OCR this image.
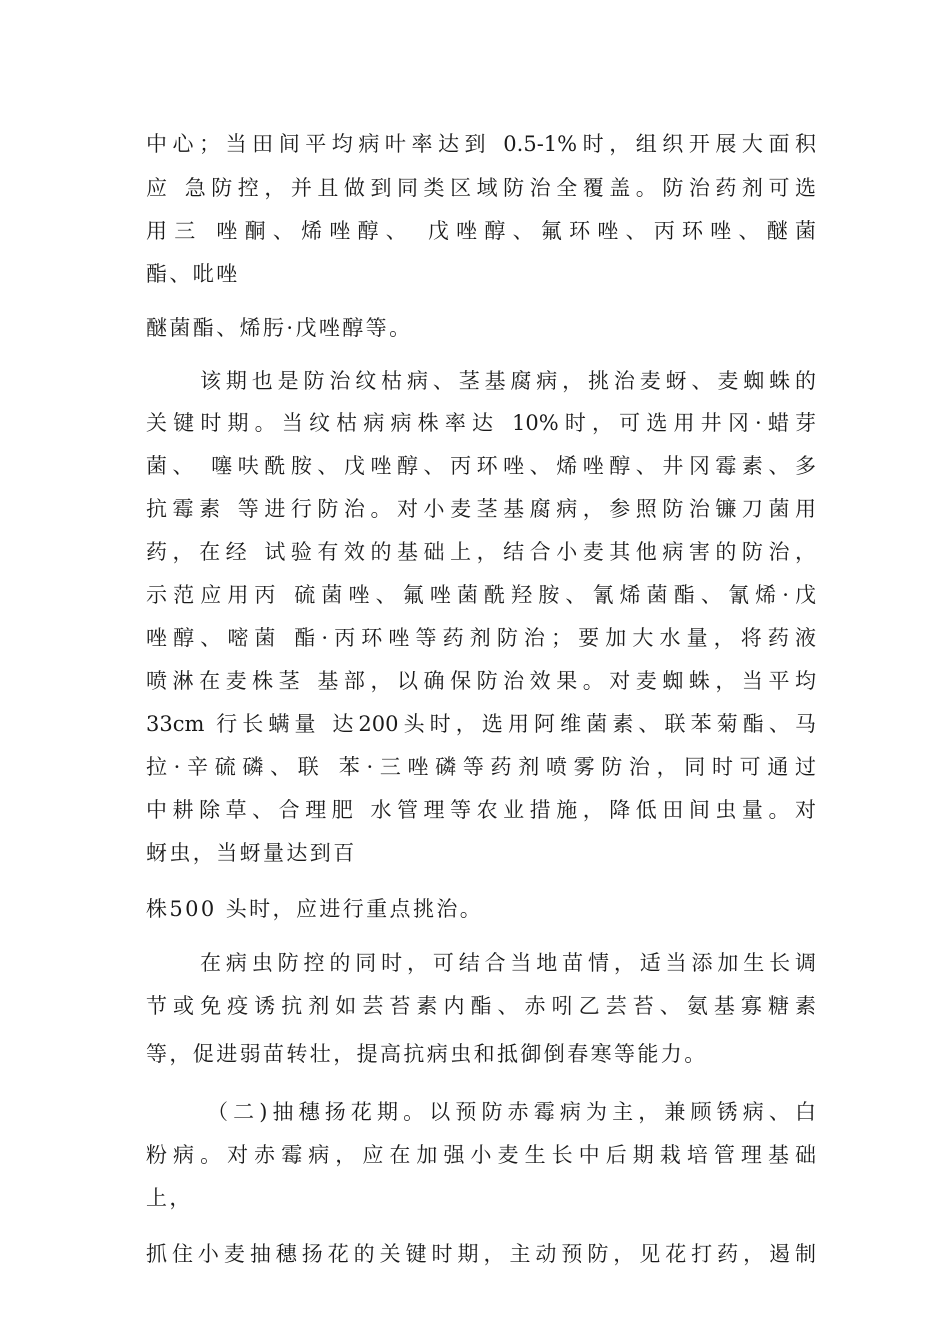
中心；当田间平均病叶率达到 0.5-1%时，组织开展大面积
应 急防控，并且做到同类区域防治全覆盖。防治药剂可选
用三 唑酮、烯唑醇、 戊唑醇、氟环唑、丙环唑、醚菌
酯、吡唑
醚菌酯、烯肟·戊唑醇等。
该期也是防治纹枯病、茎基腐病，挑治麦蚜、麦蜘蛛的
关键时期。当纹枯病病株率达 10%时，可选用井冈·蜡芽
菌、 噻呋酰胺、戊唑醇、丙环唑、烯唑醇、井冈霉素、多
抗霉素 等进行防治。对小麦茎基腐病，参照防治镰刀菌用
药，在经 试验有效的基础上，结合小麦其他病害的防治，
示范应用丙 硫菌唑、氟唑菌酰羟胺、氰烯菌酯、氰烯·戊
唑醇、嘧菌 酯·丙环唑等药剂防治；要加大水量，将药液
喷淋在麦株茎 基部，以确保防治效果。对麦蜘蛛，当平均
33cm 行长螨量 达200头时，选用阿维菌素、联苯菊酯、马
拉·辛硫磷、联 苯·三唑磷等药剂喷雾防治，同时可通过
中耕除草、合理肥 水管理等农业措施，降低田间虫量。对
蚜虫，当蚜量达到百
株500 头时，应进行重点挑治。
在病虫防控的同时，可结合当地苗情，适当添加生长调
节或免疫诱抗剂如芸苔素内酯、赤吲乙芸苔、氨基寡糖素
等，促进弱苗转壮，提高抗病虫和抵御倒春寒等能力。
（二)抽穗扬花期。以预防赤霉病为主，兼顾锈病、白
粉病。对赤霉病，应在加强小麦生长中后期栽培管理基础
上，
抓住小麦抽穗扬花的关键时期，主动预防，见花打药，遏制
